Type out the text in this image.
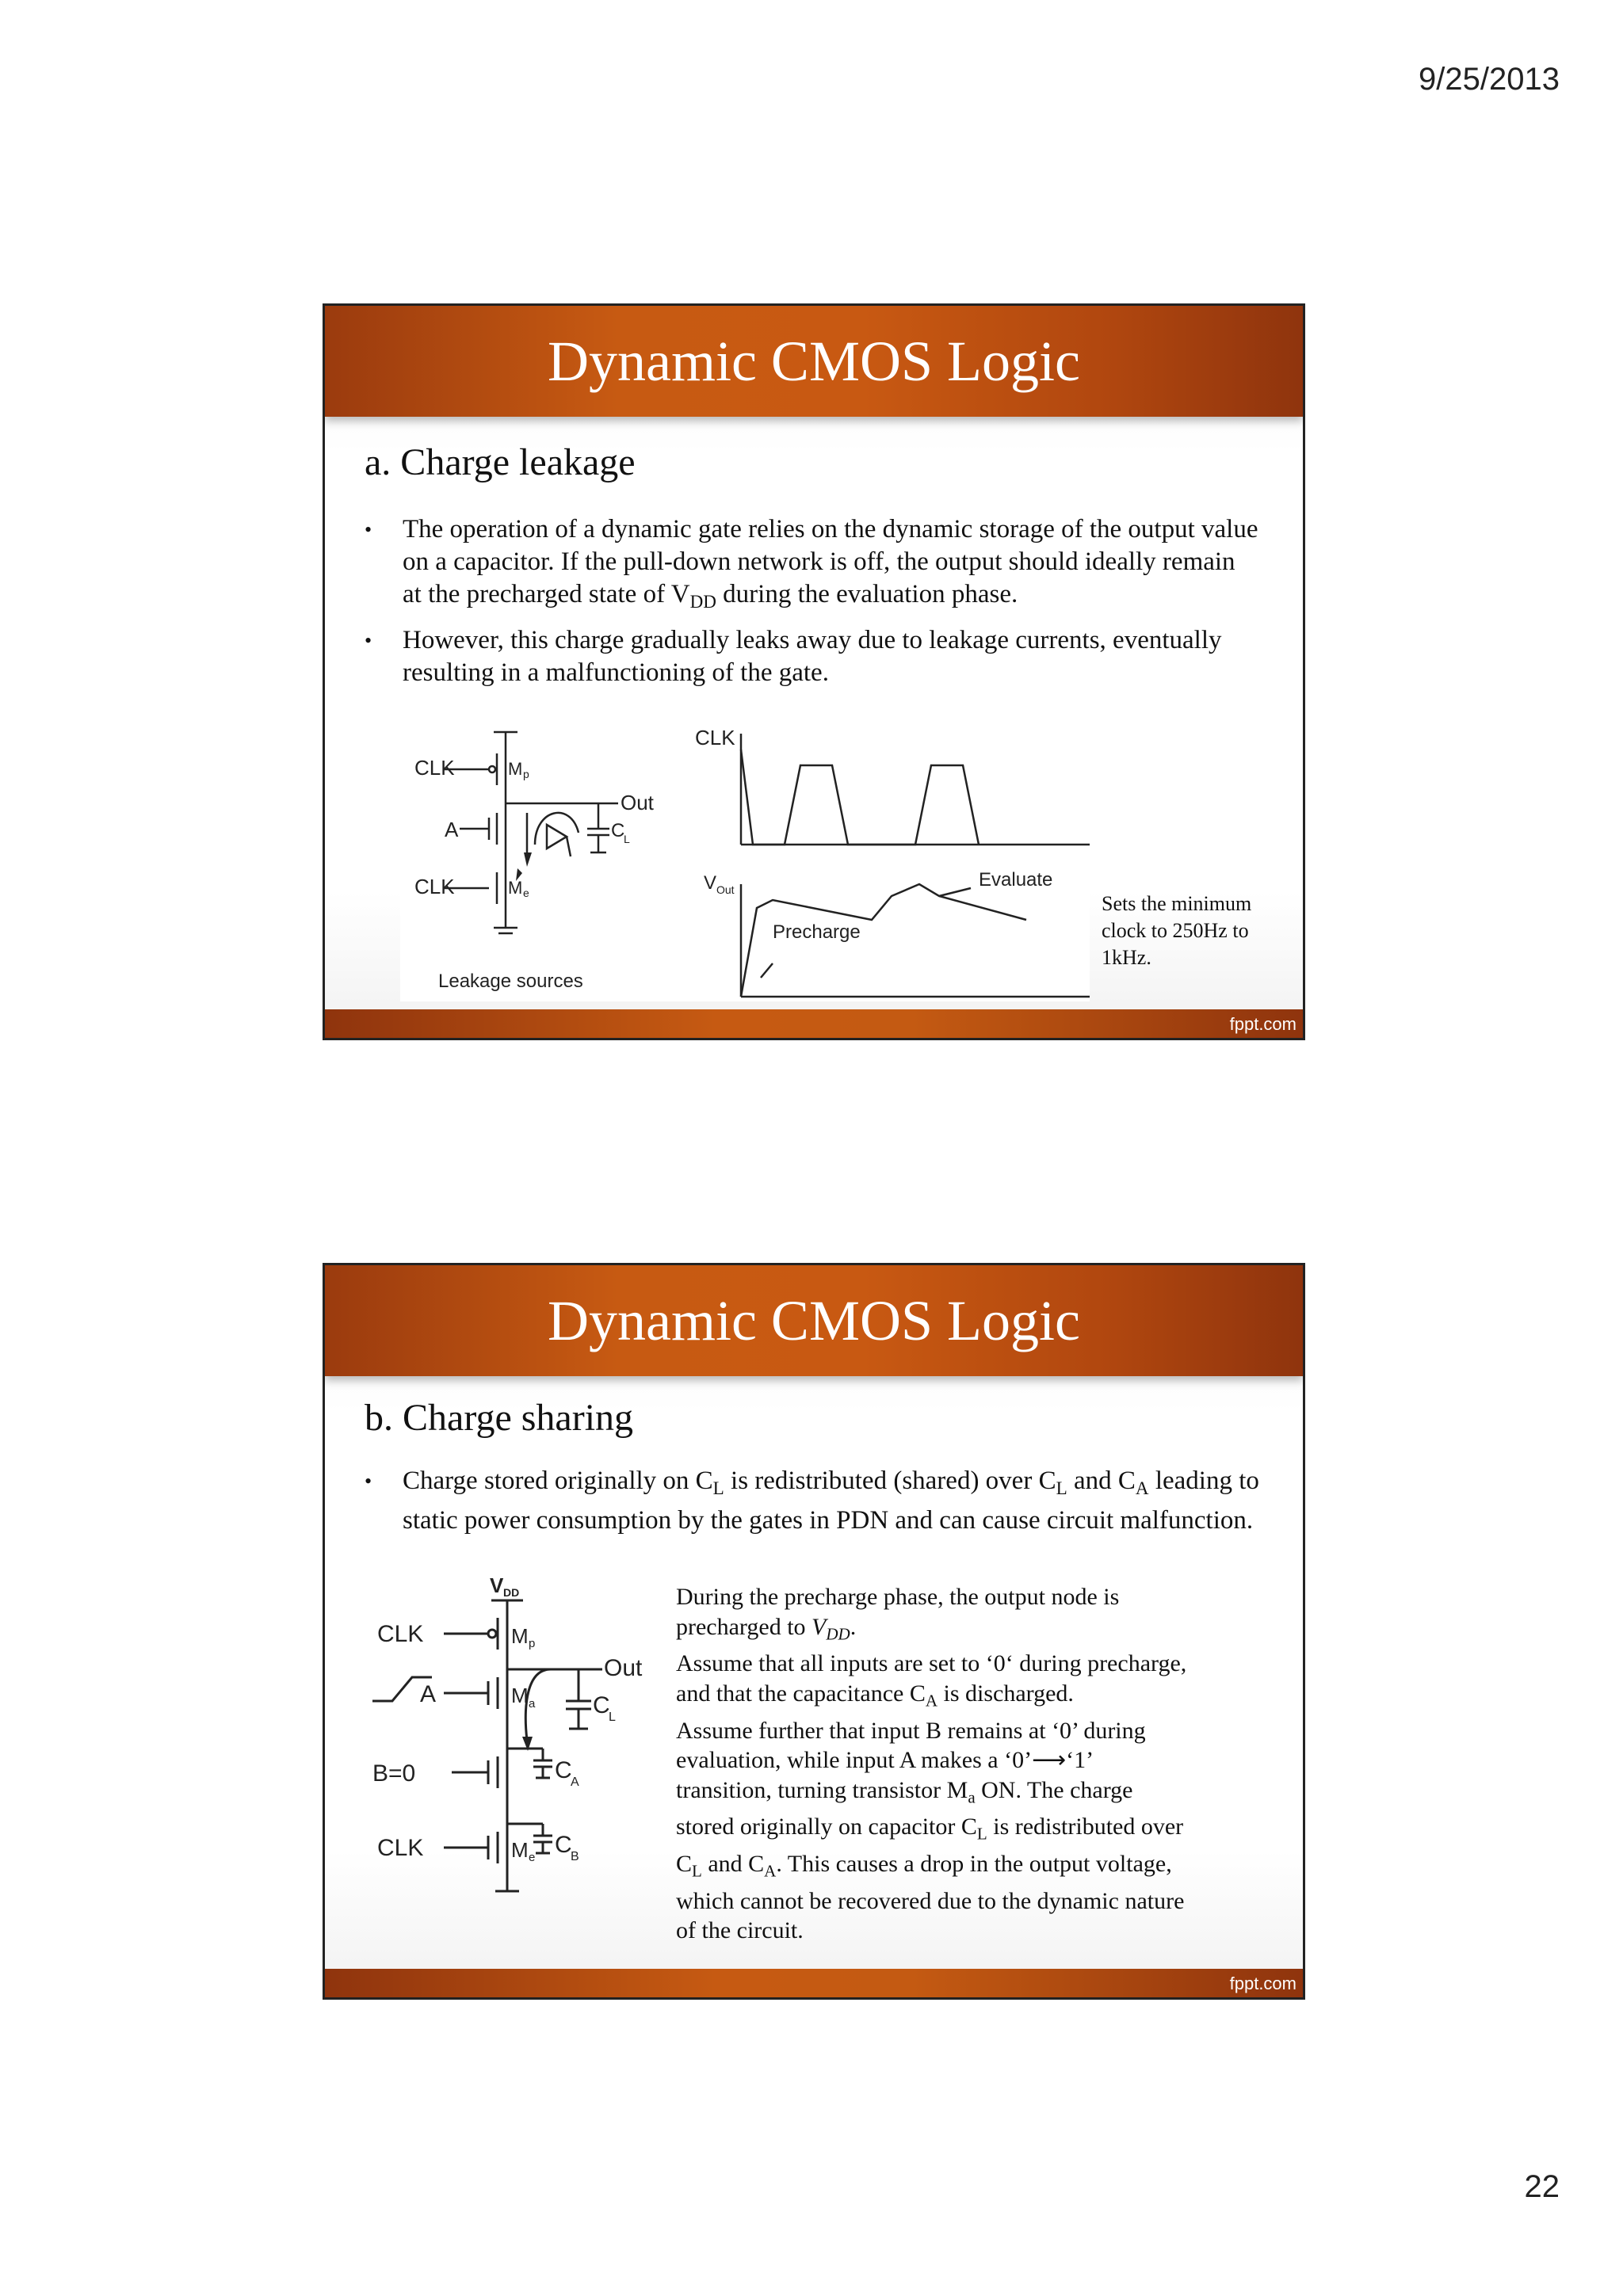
9/25/2013
Dynamic CMOS Logic
a. Charge leakage
• The operation of a dynamic gate relies on the dynamic storage of the output value on a capacitor. If the pull-down network is off, the output should ideally remain at the precharged state of $V_{DD}$ during the evaluation phase.
• However, this charge gradually leaks away due to leakage currents, eventually resulting in a malfunctioning of the gate.
CLK	M p
Out
A	C
L
CLK	M e
Leakage sources
CLK
V Out	Evaluate
Precharge
Sets the minimum clock to 250Hz to 1kHz.
fppt.com
Dynamic CMOS Logic
b. Charge sharing
• Charge stored originally on $C_L$ is redistributed (shared) over $C_L$ and $C_A$ leading to static power consumption by the gates in PDN and can cause circuit malfunction.
V DD
CLK	M p
Out
A	M a C
L
B=0	C
A
CLK	M e C
B
During the precharge phase, the output node is
precharged to $V_{DD}$.
Assume that all inputs are set to ‘0‘ during precharge,
and that the capacitance $C_A$ is discharged.
Assume further that input B remains at ‘0’ during
evaluation, while input A makes a ‘0’⟶‘1’
transition, turning transistor $M_a$ ON. The charge
stored originally on capacitor $C_L$ is redistributed over
$C_L$ and $C_A$. This causes a drop in the output voltage,
which cannot be recovered due to the dynamic nature
of the circuit.
fppt.com
22
